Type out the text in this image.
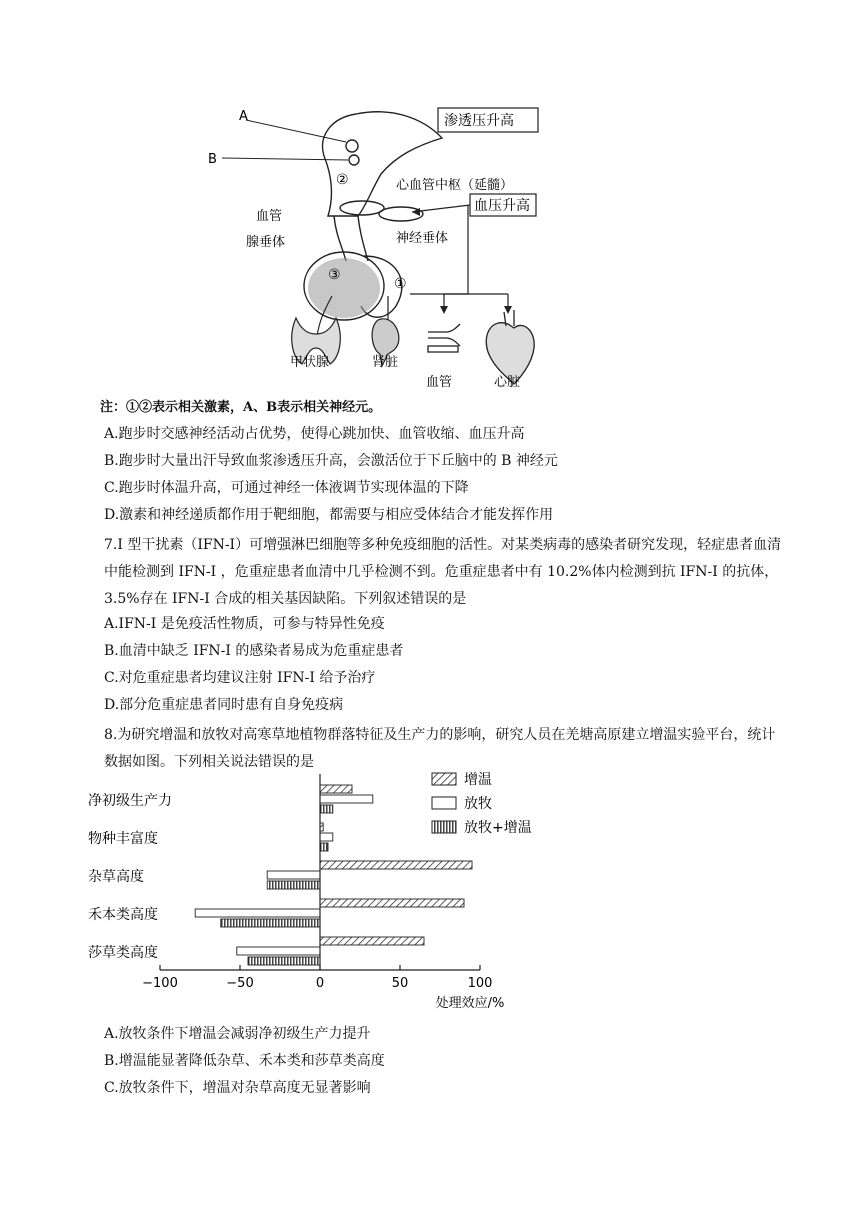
A
B
渗透压升高
心血管中枢（延髓）
血压升高
血管
腺垂体	神经垂体
②
①
③
甲状腺	肾脏
血管	心脏
注：①②表示相关激素，A、B表示相关神经元。
A.跑步时交感神经活动占优势，使得心跳加快、血管收缩、血压升高
B.跑步时大量出汗导致血浆渗透压升高，会激活位于下丘脑中的 B 神经元
C.跑步时体温升高，可通过神经一体液调节实现体温的下降
D.激素和神经递质都作用于靶细胞，都需要与相应受体结合才能发挥作用
7.I 型干扰素（IFN-I）可增强淋巴细胞等多种免疫细胞的活性。对某类病毒的感染者研究发现，轻症患者血清中能检测到 IFN-I ，危重症患者血清中几乎检测不到。危重症患者中有 10.2%体内检测到抗 IFN-I 的抗体，3.5%存在 IFN-I 合成的相关基因缺陷。下列叙述错误的是
A.IFN-I 是免疫活性物质，可参与特异性免疫
B.血清中缺乏 IFN-I 的感染者易成为危重症患者
C.对危重症患者均建议注射 IFN-I 给予治疗
D.部分危重症患者同时患有自身免疫病
8.为研究增温和放牧对高寒草地植物群落特征及生产力的影响，研究人员在羌塘高原建立增温实验平台，统计数据如图。下列相关说法错误的是
净初级生产力
物种丰富度
杂草高度
禾本类高度
莎草类高度
−100	−50	0	50	100
处理效应/%
增温
放牧
放牧+增温
A.放牧条件下增温会减弱净初级生产力提升
B.增温能显著降低杂草、禾本类和莎草类高度
C.放牧条件下，增温对杂草高度无显著影响
